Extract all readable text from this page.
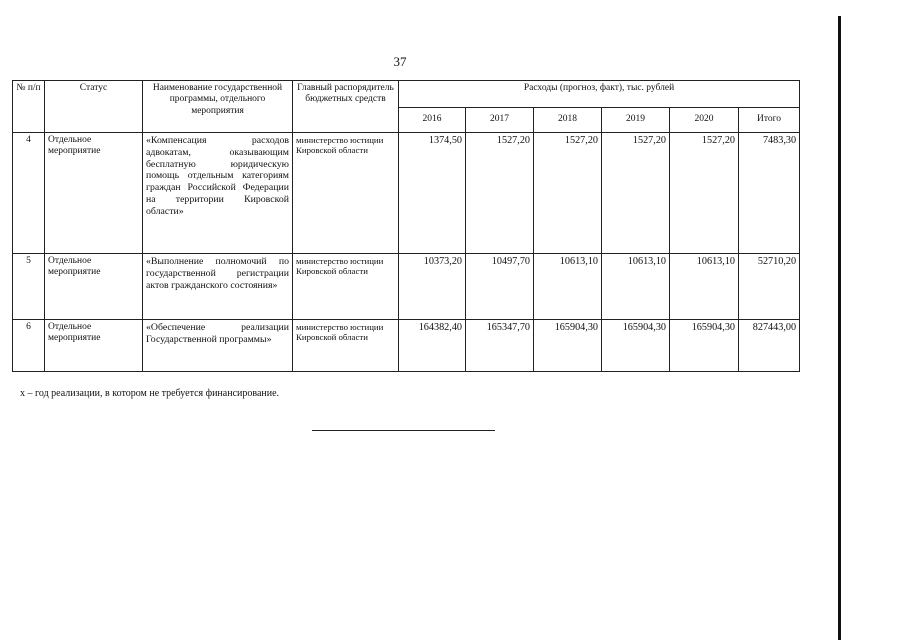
37
№ п/п	Статус	Наименование государственной программы, отдельного мероприятия	Главный распорядитель бюджетных средств	Расходы (прогноз, факт), тыс. рублей					
				2016	2017	2018	2019	2020	Итого
4	Отдельное мероприятие	«Компенсация расходов адвокатам, оказывающим бесплатную юридическую помощь отдельным категориям граждан Российской Федерации на территории Кировской области»	министерство юстиции Кировской области	1374,50	1527,20	1527,20	1527,20	1527,20	7483,30
5	Отдельное мероприятие	«Выполнение полномочий по государственной регистрации актов гражданского состояния»	министерство юстиции Кировской области	10373,20	10497,70	10613,10	10613,10	10613,10	52710,20
6	Отдельное мероприятие	«Обеспечение реализации Государственной программы»	министерство юстиции Кировской области	164382,40	165347,70	165904,30	165904,30	165904,30	827443,00
х – год реализации, в котором не требуется финансирование.
